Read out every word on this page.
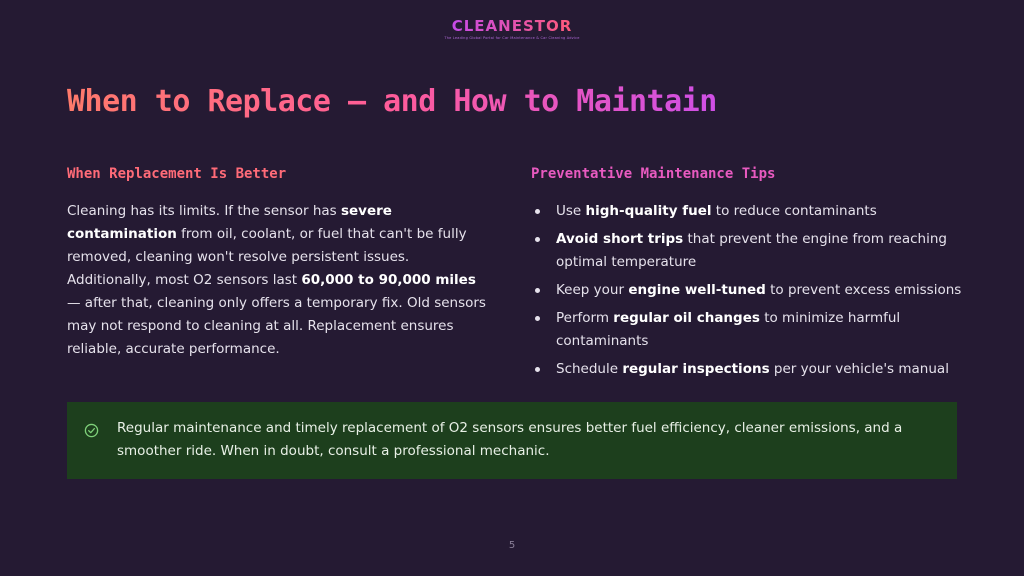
CLEANESTOR
The Leading Global Portal for Car Maintenance & Car Cleaning Advice
When to Replace — and How to Maintain
When Replacement Is Better

Cleaning has its limits. If the sensor has severe contamination from oil, coolant, or fuel that can't be fully removed, cleaning won't resolve persistent issues. Additionally, most O2 sensors last 60,000 to 90,000 miles — after that, cleaning only offers a temporary fix. Old sensors may not respond to cleaning at all. Replacement ensures reliable, accurate performance.

Preventative Maintenance Tips
Use high-quality fuel to reduce contaminants
Avoid short trips that prevent the engine from reaching optimal temperature
Keep your engine well-tuned to prevent excess emissions
Perform regular oil changes to minimize harmful contaminants
Schedule regular inspections per your vehicle's manual

Regular maintenance and timely replacement of O2 sensors ensures better fuel efficiency, cleaner emissions, and a smoother ride. When in doubt, consult a professional mechanic.

5
